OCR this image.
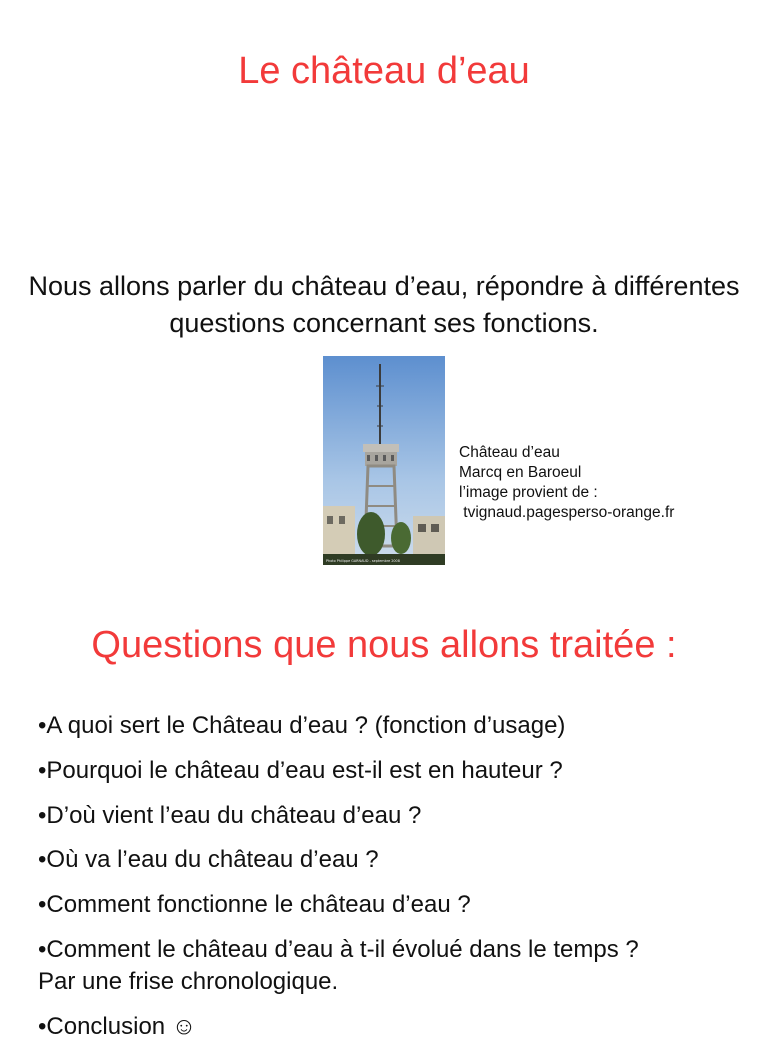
Le château d’eau
Nous allons parler du château d’eau, répondre à différentes questions concernant ses fonctions.
Photo Philippe GARNAUD - septembre 2008
Château d’eau
Marcq en Baroeul
l’image provient de :
tvignaud.pagesperso-orange.fr
Questions que nous allons traitée :
•A quoi sert le Château d’eau ? (fonction d’usage)
•Pourquoi le château d’eau est-il est en hauteur ?
•D’où vient l’eau du château d’eau ?
•Où va l’eau du château d’eau ?
•Comment fonctionne le château d’eau ?
•Comment le château d’eau à t-il évolué dans le temps ?
Par une frise chronologique.
•Conclusion ☺
